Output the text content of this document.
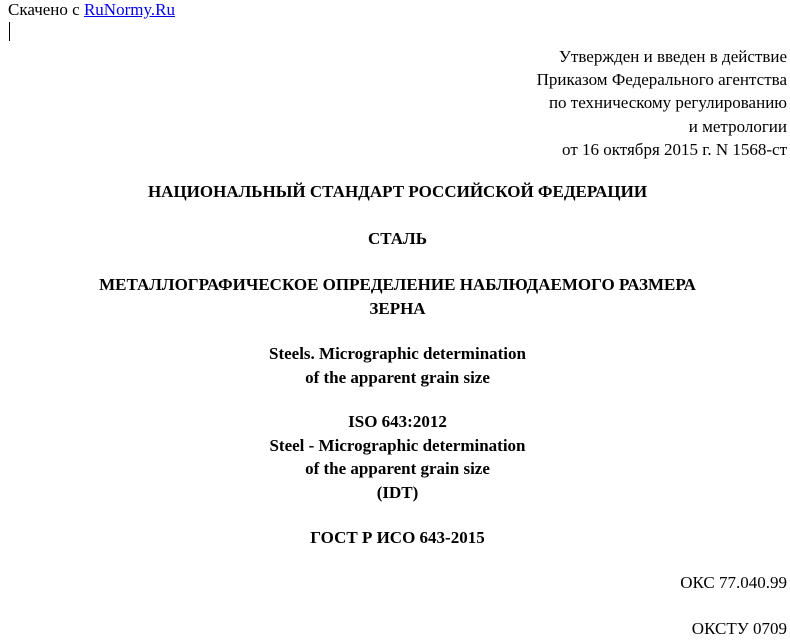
Скачено с RuNormy.Ru
Утвержден и введен в действие
Приказом Федерального агентства
по техническому регулированию
и метрологии
от 16 октября 2015 г. N 1568-ст
НАЦИОНАЛЬНЫЙ СТАНДАРТ РОССИЙСКОЙ ФЕДЕРАЦИИ
СТАЛЬ
МЕТАЛЛОГРАФИЧЕСКОЕ ОПРЕДЕЛЕНИЕ НАБЛЮДАЕМОГО РАЗМЕРА
ЗЕРНА
Steels. Micrographic determination
of the apparent grain size
ISO 643:2012
Steel - Micrographic determination
of the apparent grain size
(IDT)
ГОСТ Р ИСО 643-2015
ОКС 77.040.99
ОКСТУ 0709
